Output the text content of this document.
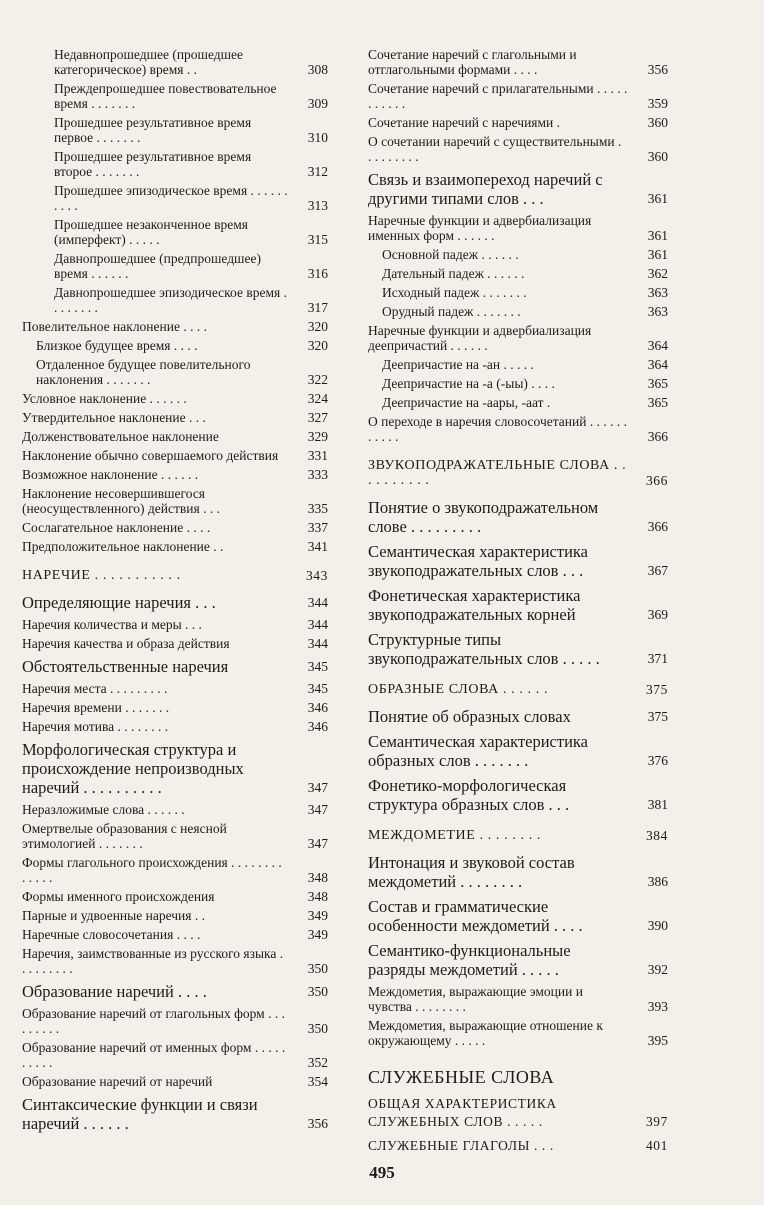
Недавнопрошедшее (прошедшее категорическое) время . .	308
Преждепрошедшее повествовательное время . . . . . . .	309
Прошедшее результативное время первое . . . . . . .	310
Прошедшее результативное время второе . . . . . . .	312
Прошедшее эпизодическое время . . . . . . . . . .	313
Прошедшее незаконченное время (имперфект) . . . . .	315
Давнопрошедшее (предпрошедшее) время . . . . . .	316
Давнопрошедшее эпизодическое время . . . . . . . .	317
Повелительное наклонение . . . .	320
Близкое будущее время . . . .	320
Отдаленное будущее повелительного наклонения . . . . . . .	322
Условное наклонение . . . . . .	324
Утвердительное наклонение . . .	327
Долженствовательное наклонение	329
Наклонение обычно совершаемого действия	331
Возможное наклонение . . . . . .	333
Наклонение несовершившегося (неосуществленного) действия . . .	335
Сослагательное наклонение . . . .	337
Предположительное наклонение . .	341
НАРЕЧИЕ . . . . . . . . . . .	343
Определяющие наречия . . .	344
Наречия количества и меры . . .	344
Наречия качества и образа действия	344
Обстоятельственные наречия	345
Наречия места . . . . . . . . .	345
Наречия времени . . . . . . .	346
Наречия мотива . . . . . . . .	346
Морфологическая структура и происхождение непроизводных наречий . . . . . . . . . .	347
Неразложимые слова . . . . . .	347
Омертвелые образования с неясной этимологией . . . . . . .	347
Формы глагольного происхождения . . . . . . . . . . . . .	348
Формы именного происхождения	348
Парные и удвоенные наречия . .	349
Наречные словосочетания . . . .	349
Наречия, заимствованные из русского языка . . . . . . . . .	350
Образование наречий . . . .	350
Образование наречий от глагольных форм . . . . . . . . .	350
Образование наречий от именных форм . . . . . . . . . .	352
Образование наречий от наречий	354
Синтаксические функции и связи наречий . . . . . .	356
Сочетание наречий с глагольными и отглагольными формами . . . .	356
Сочетание наречий с прилагательными . . . . . . . . . . .	359
Сочетание наречий с наречиями .	360
О сочетании наречий с существительными . . . . . . . . .	360
Связь и взаимопереход наречий с другими типами слов . . .	361
Наречные функции и адвербиализация именных форм . . . . . .	361
Основной падеж . . . . . .	361
Дательный падеж . . . . . .	362
Исходный падеж . . . . . . .	363
Орудный падеж . . . . . . .	363
Наречные функции и адвербиализация деепричастий . . . . . .	364
Деепричастие на -ан . . . . .	364
Деепричастие на -а (-ыы) . . . .	365
Деепричастие на -аары, -аат .	365
О переходе в наречия словосочетаний . . . . . . . . . . .	366
ЗВУКОПОДРАЖАТЕЛЬНЫЕ СЛОВА . . . . . . . . . .	366
Понятие о звукоподражательном слове . . . . . . . . .	366
Семантическая характеристика звукоподражательных слов . . .	367
Фонетическая характеристика звукоподражательных корней	369
Структурные типы звукоподражательных слов . . . . .	371
ОБРАЗНЫЕ СЛОВА . . . . . .	375
Понятие об образных словах	375
Семантическая характеристика образных слов . . . . . . .	376
Фонетико-морфологическая структура образных слов . . .	381
МЕЖДОМЕТИЕ . . . . . . . .	384
Интонация и звуковой состав междометий . . . . . . . .	386
Состав и грамматические особенности междометий . . . .	390
Семантико-функциональные разряды междометий . . . . .	392
Междометия, выражающие эмоции и чувства . . . . . . . .	393
Междометия, выражающие отношение к окружающему . . . . .	395
СЛУЖЕБНЫЕ СЛОВА
ОБЩАЯ ХАРАКТЕРИСТИКА СЛУЖЕБНЫХ СЛОВ . . . . .	397
СЛУЖЕБНЫЕ ГЛАГОЛЫ . . .	401
495
